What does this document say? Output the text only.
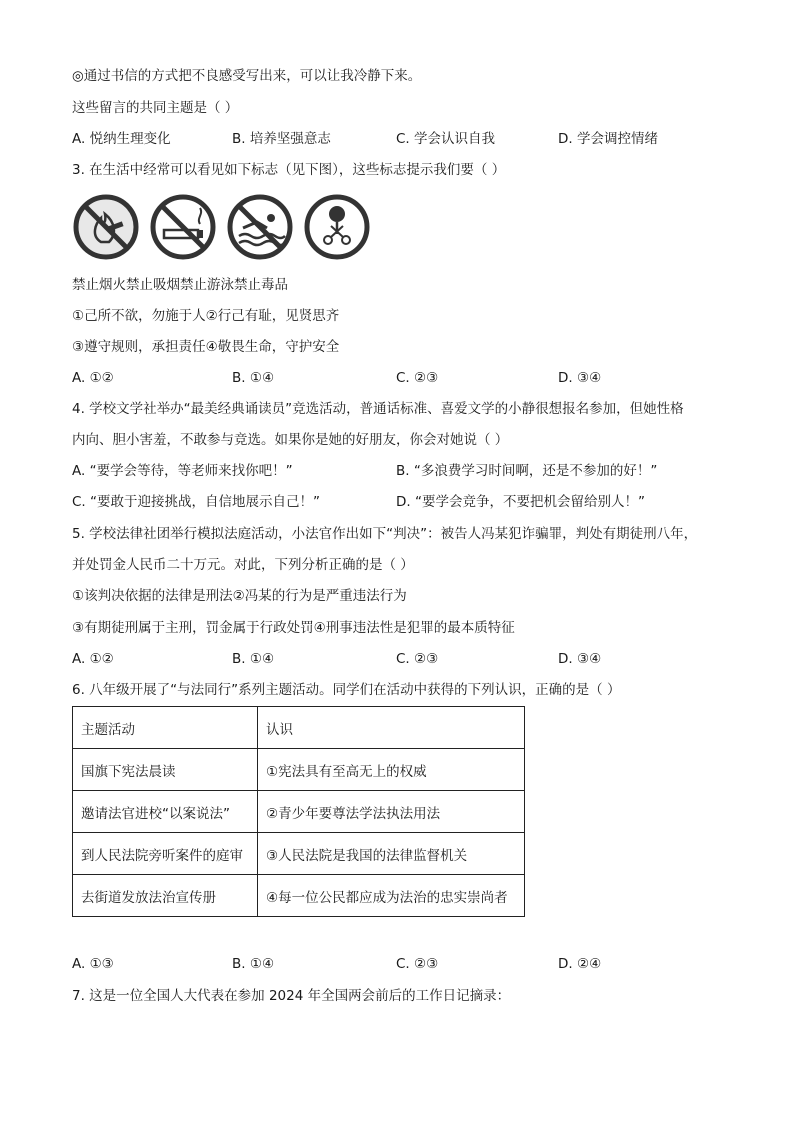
◎通过书信的方式把不良感受写出来，可以让我冷静下来。
这些留言的共同主题是（ ）
A. 悦纳生理变化	B. 培养坚强意志	C. 学会认识自我	D. 学会调控情绪
3. 在生活中经常可以看见如下标志（见下图），这些标志提示我们要（ ）
禁止烟火禁止吸烟禁止游泳禁止毒品
①己所不欲，勿施于人②行己有耻，见贤思齐
③遵守规则，承担责任④敬畏生命，守护安全
A. ①②	B. ①④	C. ②③	D. ③④
4. 学校文学社举办“最美经典诵读员”竞选活动，普通话标准、喜爱文学的小静很想报名参加，但她性格
内向、胆小害羞，不敢参与竞选。如果你是她的好朋友，你会对她说（ ）
A. “要学会等待，等老师来找你吧！”	B. “多浪费学习时间啊，还是不参加的好！”
C. “要敢于迎接挑战，自信地展示自己！”	D. “要学会竞争，不要把机会留给别人！”
5. 学校法律社团举行模拟法庭活动，小法官作出如下“判决”：被告人冯某犯诈骗罪，判处有期徒刑八年，
并处罚金人民币二十万元。对此，下列分析正确的是（ ）
①该判决依据的法律是刑法②冯某的行为是严重违法行为
③有期徒刑属于主刑，罚金属于行政处罚④刑事违法性是犯罪的最本质特征
A. ①②	B. ①④	C. ②③	D. ③④
6. 八年级开展了“与法同行”系列主题活动。同学们在活动中获得的下列认识，正确的是（ ）
主题活动	认识
国旗下宪法晨读	①宪法具有至高无上的权威
邀请法官进校“以案说法”	②青少年要尊法学法执法用法
到人民法院旁听案件的庭审	③人民法院是我国的法律监督机关
去街道发放法治宣传册	④每一位公民都应成为法治的忠实崇尚者
A. ①③	B. ①④	C. ②③	D. ②④
7. 这是一位全国人大代表在参加 2024 年全国两会前后的工作日记摘录：
